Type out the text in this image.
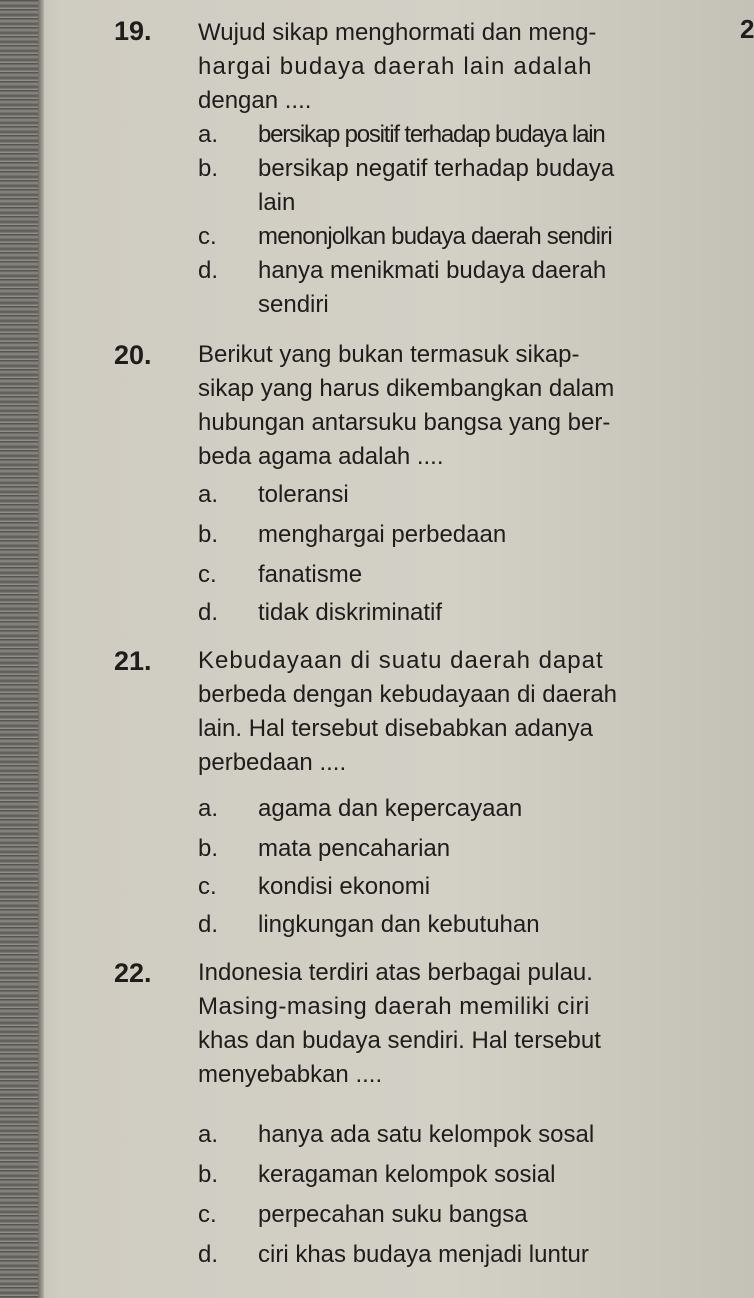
2
19. Wujud sikap menghormati dan meng-
hargai budaya daerah lain adalah
dengan ....
a. bersikap positif terhadap budaya lain
b. bersikap negatif terhadap budaya
lain
c. menonjolkan budaya daerah sendiri
d. hanya menikmati budaya daerah
sendiri
20. Berikut yang bukan termasuk sikap-
sikap yang harus dikembangkan dalam
hubungan antarsuku bangsa yang ber-
beda agama adalah ....
a. toleransi
b. menghargai perbedaan
c. fanatisme
d. tidak diskriminatif
21. Kebudayaan di suatu daerah dapat
berbeda dengan kebudayaan di daerah
lain. Hal tersebut disebabkan adanya
perbedaan ....
a. agama dan kepercayaan
b. mata pencaharian
c. kondisi ekonomi
d. lingkungan dan kebutuhan
22. Indonesia terdiri atas berbagai pulau.
Masing-masing daerah memiliki ciri
khas dan budaya sendiri. Hal tersebut
menyebabkan ....
a. hanya ada satu kelompok sosal
b. keragaman kelompok sosial
c. perpecahan suku bangsa
d. ciri khas budaya menjadi luntur
